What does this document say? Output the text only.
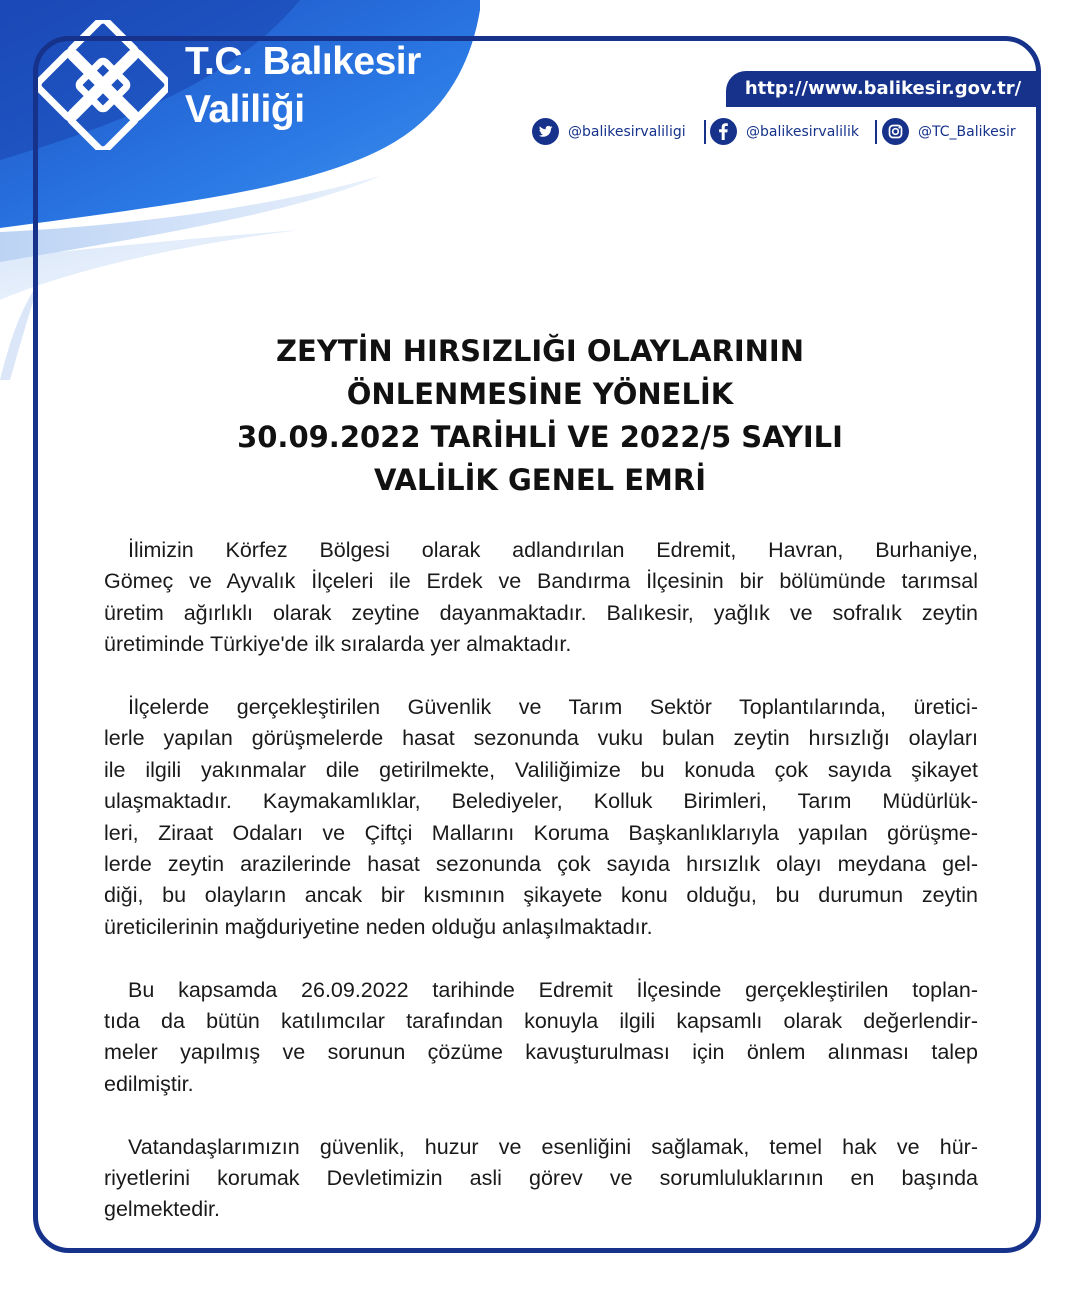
T.C. Balıkesir
Valiliği	http://www.balikesir.gov.tr/
@balikesirvaliligi	@balikesirvalilik	@TC_Balikesir
ZEYTİN HIRSIZLIĞI OLAYLARININ
ÖNLENMESİNE YÖNELİK
30.09.2022 TARİHLİ VE 2022/5 SAYILI
VALİLİK GENEL EMRİ
İlimizin Körfez Bölgesi olarak adlandırılan Edremit, Havran, Burhaniye,
Gömeç ve Ayvalık İlçeleri ile Erdek ve Bandırma İlçesinin bir bölümünde tarımsal
üretim ağırlıklı olarak zeytine dayanmaktadır. Balıkesir, yağlık ve sofralık zeytin
üretiminde Türkiye'de ilk sıralarda yer almaktadır.
İlçelerde gerçekleştirilen Güvenlik ve Tarım Sektör Toplantılarında, üretici-
lerle yapılan görüşmelerde hasat sezonunda vuku bulan zeytin hırsızlığı olayları
ile ilgili yakınmalar dile getirilmekte, Valiliğimize bu konuda çok sayıda şikayet
ulaşmaktadır. Kaymakamlıklar, Belediyeler, Kolluk Birimleri, Tarım Müdürlük-
leri, Ziraat Odaları ve Çiftçi Mallarını Koruma Başkanlıklarıyla yapılan görüşme-
lerde zeytin arazilerinde hasat sezonunda çok sayıda hırsızlık olayı meydana gel-
diği, bu olayların ancak bir kısmının şikayete konu olduğu, bu durumun zeytin
üreticilerinin mağduriyetine neden olduğu anlaşılmaktadır.
Bu kapsamda 26.09.2022 tarihinde Edremit İlçesinde gerçekleştirilen toplan-
tıda da bütün katılımcılar tarafından konuyla ilgili kapsamlı olarak değerlendir-
meler yapılmış ve sorunun çözüme kavuşturulması için önlem alınması talep
edilmiştir.
Vatandaşlarımızın güvenlik, huzur ve esenliğini sağlamak, temel hak ve hür-
riyetlerini korumak Devletimizin asli görev ve sorumluluklarının en başında
gelmektedir.
